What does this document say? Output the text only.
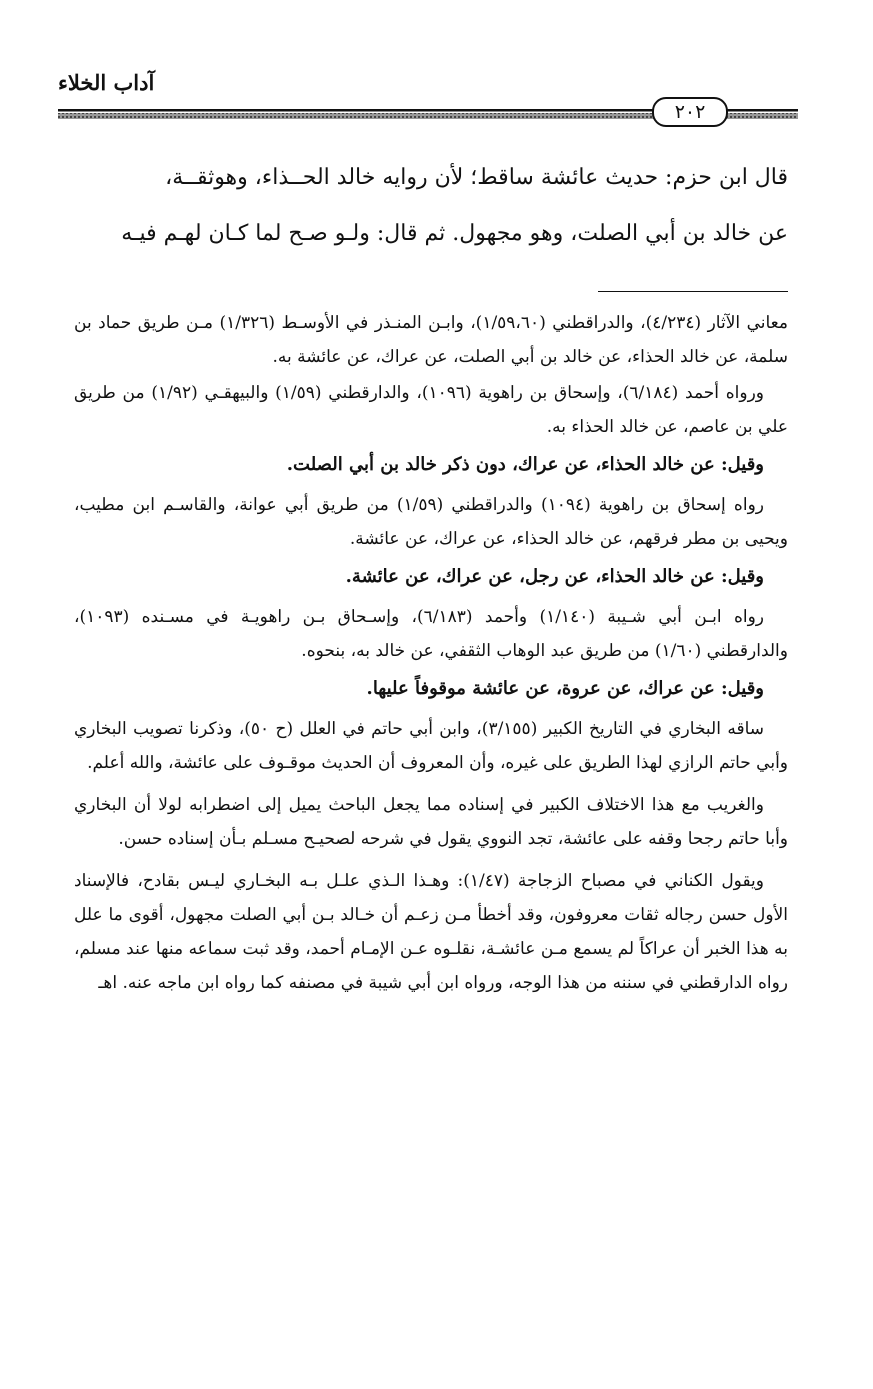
آداب الخلاء
٢٠٢

قال ابن حزم: حديث عائشة ساقط؛ لأن روايه خالد الحــذاء، وهوثقــة،

عن خالد بن أبي الصلت، وهو مجهول. ثم قال: ولـو صـح لما كـان لهـم فيـه

معاني الآثار (٤/٢٣٤)، والدراقطني (١/٥٩،٦٠)، وابـن المنـذر في الأوسـط (١/٣٢٦) مـن طريق حماد بن سلمة، عن خالد الحذاء، عن خالد بن أبي الصلت، عن عراك، عن عائشة به.

ورواه أحمد (٦/١٨٤)، وإسحاق بن راهوية (١٠٩٦)، والدارقطني (١/٥٩) والبيهقـي (١/٩٢) من طريق علي بن عاصم، عن خالد الحذاء به.

وقيل: عن خالد الحذاء، عن عراك، دون ذكر خالد بن أبي الصلت.

رواه إسحاق بن راهوية (١٠٩٤) والدراقطني (١/٥٩) من طريق أبي عوانة، والقاسـم ابن مطيب، ويحيى بن مطر فرقهم، عن خالد الحذاء، عن عراك، عن عائشة.

وقيل: عن خالد الحذاء، عن رجل، عن عراك، عن عائشة.

رواه ابـن أبي شـيبة (١/١٤٠) وأحمد (٦/١٨٣)، وإسـحاق بـن راهويـة في مسـنده (١٠٩٣)، والدارقطني (١/٦٠) من طريق عبد الوهاب الثقفي، عن خالد به، بنحوه.

وقيل: عن عراك، عن عروة، عن عائشة موقوفاً عليها.

ساقه البخاري في التاريخ الكبير (٣/١٥٥)، وابن أبي حاتم في العلل (ح ٥٠)، وذكرنا تصويب البخاري وأبي حاتم الرازي لهذا الطريق على غيره، وأن المعروف أن الحديث موقـوف على عائشة، والله أعلم.

والغريب مع هذا الاختلاف الكبير في إسناده مما يجعل الباحث يميل إلى اضطرابه لولا أن البخاري وأبا حاتم رجحا وقفه على عائشة، تجد النووي يقول في شرحه لصحيـح مسـلم بـأن إسناده حسن.

ويقول الكناني في مصباح الزجاجة (١/٤٧): وهـذا الـذي علـل بـه البخـاري ليـس بقادح، فالإسناد الأول حسن رجاله ثقات معروفون، وقد أخطأ مـن زعـم أن خـالد بـن أبي الصلت مجهول، أقوى ما علل به هذا الخبر أن عراكاً لم يسمع مـن عائشـة، نقلـوه عـن الإمـام أحمد، وقد ثبت سماعه منها عند مسلم، رواه الدارقطني في سننه من هذا الوجه، ورواه ابن أبي شيبة في مصنفه كما رواه ابن ماجه عنه. اهـ
